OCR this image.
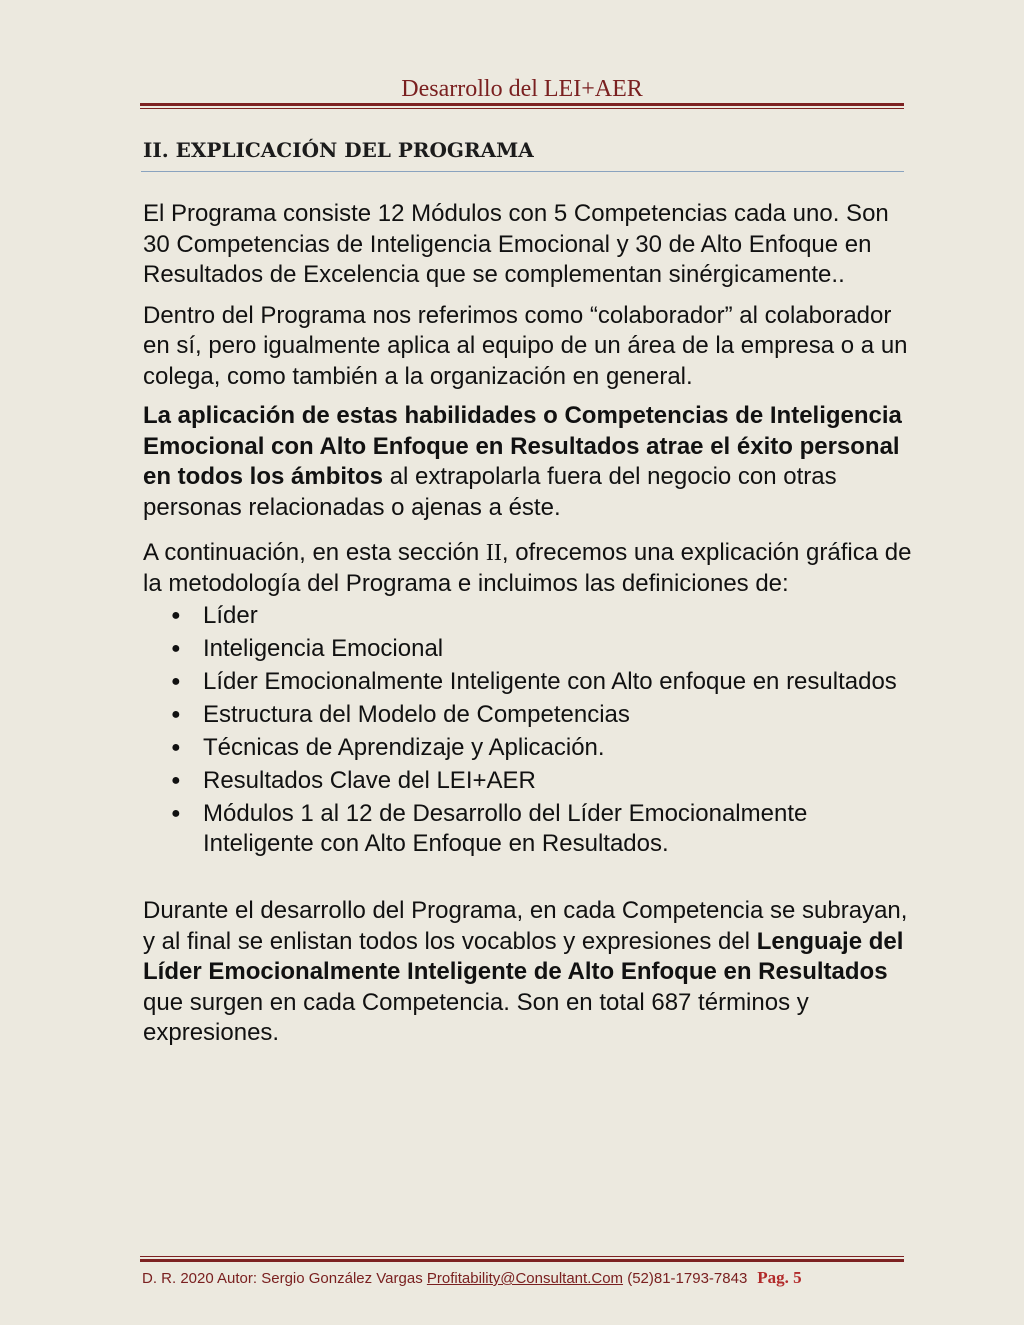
Desarrollo del LEI+AER
II. EXPLICACIÓN DEL PROGRAMA

El Programa consiste 12 Módulos con 5 Competencias cada uno. Son 30 Competencias de Inteligencia Emocional y 30 de Alto Enfoque en Resultados de Excelencia que se complementan sinérgicamente..

Dentro del Programa nos referimos como “colaborador” al colaborador en sí, pero igualmente aplica al equipo de un área de la empresa o a un colega, como también a la organización en general.

La aplicación de estas habilidades o Competencias de Inteligencia Emocional con Alto Enfoque en Resultados atrae el éxito personal en todos los ámbitos al extrapolarla fuera del negocio con otras personas relacionadas o ajenas a éste.

A continuación, en esta sección II, ofrecemos una explicación gráfica de la metodología del Programa e incluimos las definiciones de:

● Líder
● Inteligencia Emocional
● Líder Emocionalmente Inteligente con Alto enfoque en resultados
● Estructura del Modelo de Competencias
● Técnicas de Aprendizaje y Aplicación.
● Resultados Clave del LEI+AER
● Módulos 1 al 12 de Desarrollo del Líder Emocionalmente Inteligente con Alto Enfoque en Resultados.

Durante el desarrollo del Programa, en cada Competencia se subrayan, y al final se enlistan todos los vocablos y expresiones del Lenguaje del Líder Emocionalmente Inteligente de Alto Enfoque en Resultados que surgen en cada Competencia. Son en total 687 términos y expresiones.

D. R. 2020 Autor: Sergio González Vargas Profitability@Consultant.Com (52)81-1793-7843 Pag. 5
